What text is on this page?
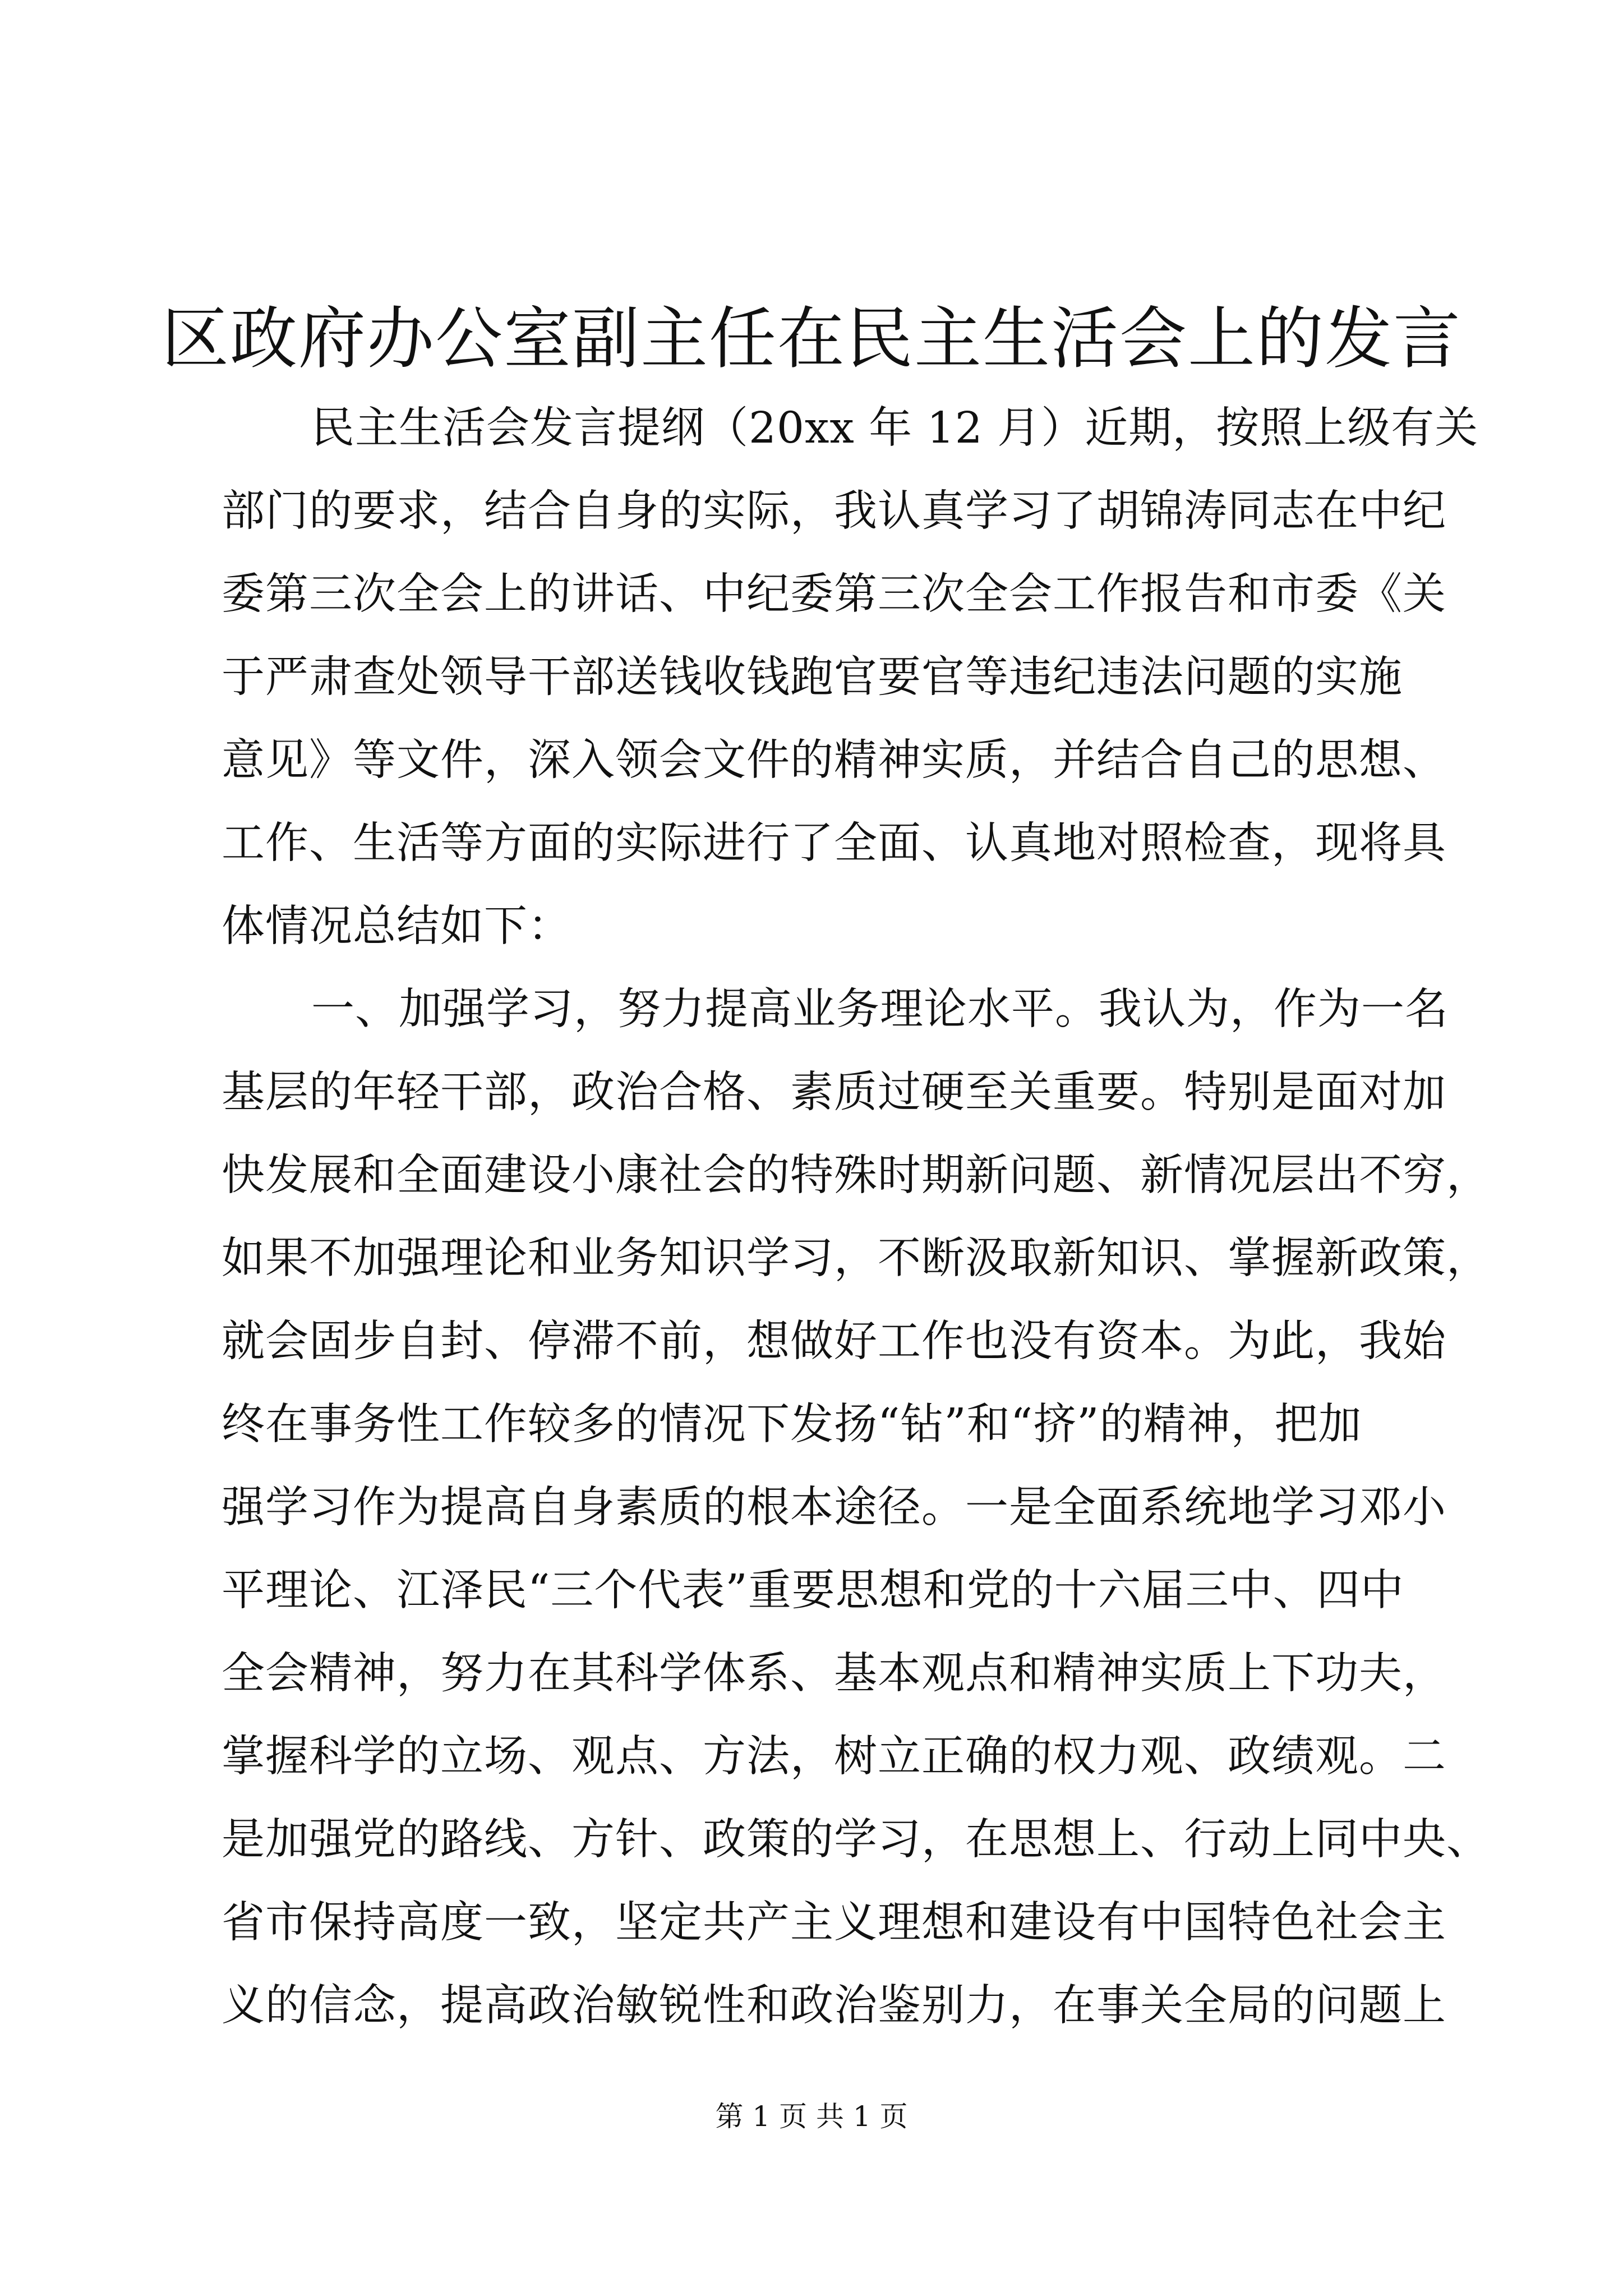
区政府办公室副主任在民主生活会上的发言
民主生活会发言提纲（20xx 年 12 月）近期，按照上级有关
部门的要求，结合自身的实际，我认真学习了胡锦涛同志在中纪
委第三次全会上的讲话、中纪委第三次全会工作报告和市委《关
于严肃查处领导干部送钱收钱跑官要官等违纪违法问题的实施
意见》等文件，深入领会文件的精神实质，并结合自己的思想、
工作、生活等方面的实际进行了全面、认真地对照检查，现将具
体情况总结如下：
一、加强学习，努力提高业务理论水平。我认为，作为一名
基层的年轻干部，政治合格、素质过硬至关重要。特别是面对加
快发展和全面建设小康社会的特殊时期新问题、新情况层出不穷，
如果不加强理论和业务知识学习，不断汲取新知识、掌握新政策，
就会固步自封、停滞不前，想做好工作也没有资本。为此，我始
终在事务性工作较多的情况下发扬“钻”和“挤”的精神，把加
强学习作为提高自身素质的根本途径。一是全面系统地学习邓小
平理论、江泽民“三个代表”重要思想和党的十六届三中、四中
全会精神，努力在其科学体系、基本观点和精神实质上下功夫，
掌握科学的立场、观点、方法，树立正确的权力观、政绩观。二
是加强党的路线、方针、政策的学习，在思想上、行动上同中央、
省市保持高度一致，坚定共产主义理想和建设有中国特色社会主
义的信念，提高政治敏锐性和政治鉴别力，在事关全局的问题上
第 1 页 共 1 页
